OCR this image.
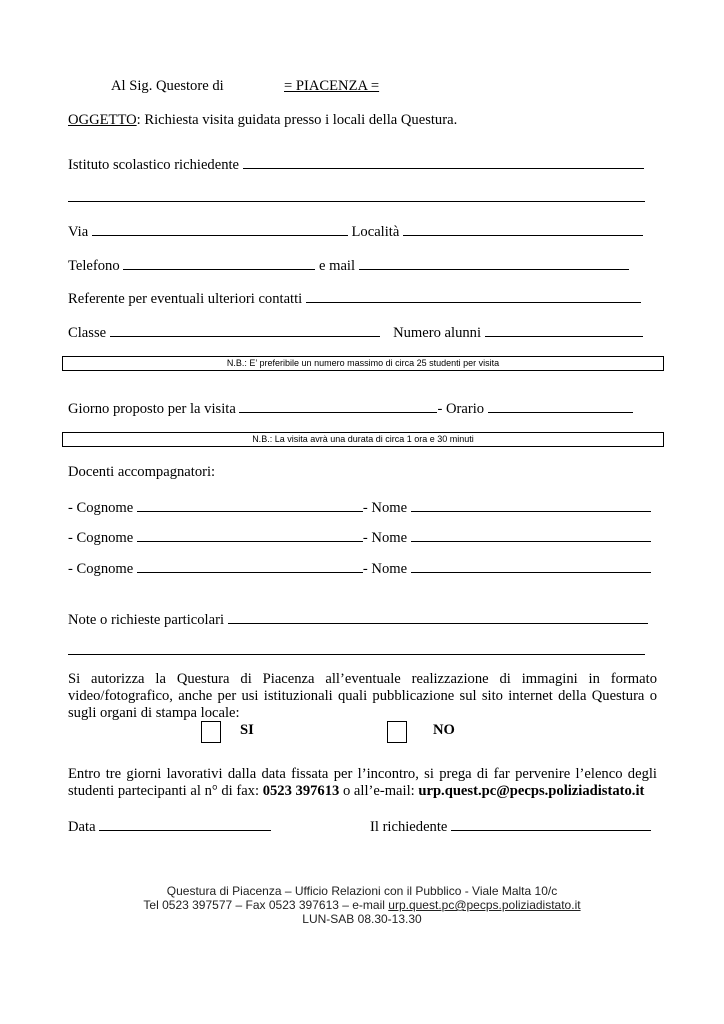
Al Sig. Questore di	= PIACENZA =
OGGETTO: Richiesta visita guidata presso i locali della Questura.
Istituto scolastico richiedente
Via	Località
Telefono	e mail
Referente per eventuali ulteriori contatti
Classe	Numero alunni
N.B.: E’ preferibile un numero massimo di circa 25 studenti per visita
Giorno proposto per la visita	- Orario
N.B.: La visita avrà una durata di circa 1 ora e 30 minuti
Docenti accompagnatori:
- Cognome	- Nome
- Cognome	- Nome
- Cognome	- Nome
Note o richieste particolari
Si autorizza la Questura di Piacenza all’eventuale realizzazione di immagini in formato video/fotografico, anche per usi istituzionali quali pubblicazione sul sito internet della Questura o sugli organi di stampa locale:
SI	NO
Entro tre giorni lavorativi dalla data fissata per l’incontro, si prega di far pervenire l’elenco degli studenti partecipanti al n° di fax: 0523 397613 o all’e-mail: urp.quest.pc@pecps.poliziadistato.it
Data	Il richiedente
Questura di Piacenza – Ufficio Relazioni con il Pubblico - Viale Malta 10/c
Tel 0523 397577 – Fax 0523 397613 – e-mail urp.quest.pc@pecps.poliziadistato.it
LUN-SAB 08.30-13.30
